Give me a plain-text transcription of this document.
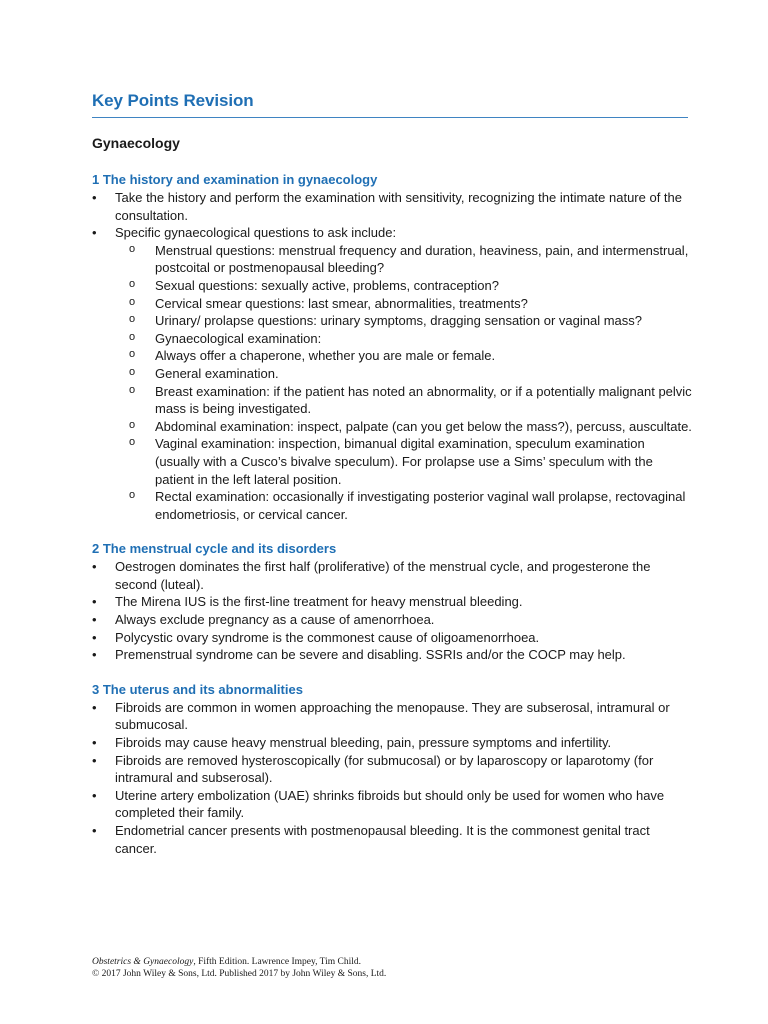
Key Points Revision
Gynaecology
1 The history and examination in gynaecology
•	Take the history and perform the examination with sensitivity, recognizing the intimate nature of the consultation.
•	Specific gynaecological questions to ask include:
o Menstrual questions: menstrual frequency and duration, heaviness, pain, and intermenstrual, postcoital or postmenopausal bleeding?
o Sexual questions: sexually active, problems, contraception?
o Cervical smear questions: last smear, abnormalities, treatments?
o Urinary/ prolapse questions: urinary symptoms, dragging sensation or vaginal mass?
o Gynaecological examination:
o Always offer a chaperone, whether you are male or female.
o General examination.
o Breast examination: if the patient has noted an abnormality, or if a potentially malignant pelvic mass is being investigated.
o Abdominal examination: inspect, palpate (can you get below the mass?), percuss, auscultate.
o Vaginal examination: inspection, bimanual digital examination, speculum examination (usually with a Cusco’s bivalve speculum). For prolapse use a Sims’ speculum with the patient in the left lateral position.
o Rectal examination: occasionally if investigating posterior vaginal wall prolapse, rectovaginal endometriosis, or cervical cancer.
2 The menstrual cycle and its disorders
•	Oestrogen dominates the first half (proliferative) of the menstrual cycle, and progesterone the second (luteal).
•	The Mirena IUS is the first-line treatment for heavy menstrual bleeding.
•	Always exclude pregnancy as a cause of amenorrhoea.
•	Polycystic ovary syndrome is the commonest cause of oligoamenorrhoea.
•	Premenstrual syndrome can be severe and disabling. SSRIs and/or the COCP may help.
3 The uterus and its abnormalities
•	Fibroids are common in women approaching the menopause. They are subserosal, intramural or submucosal.
•	Fibroids may cause heavy menstrual bleeding, pain, pressure symptoms and infertility.
•	Fibroids are removed hysteroscopically (for submucosal) or by laparoscopy or laparotomy (for intramural and subserosal).
•	Uterine artery embolization (UAE) shrinks fibroids but should only be used for women who have completed their family.
•	Endometrial cancer presents with postmenopausal bleeding. It is the commonest genital tract cancer.
Obstetrics & Gynaecology, Fifth Edition. Lawrence Impey, Tim Child.
© 2017 John Wiley & Sons, Ltd. Published 2017 by John Wiley & Sons, Ltd.
